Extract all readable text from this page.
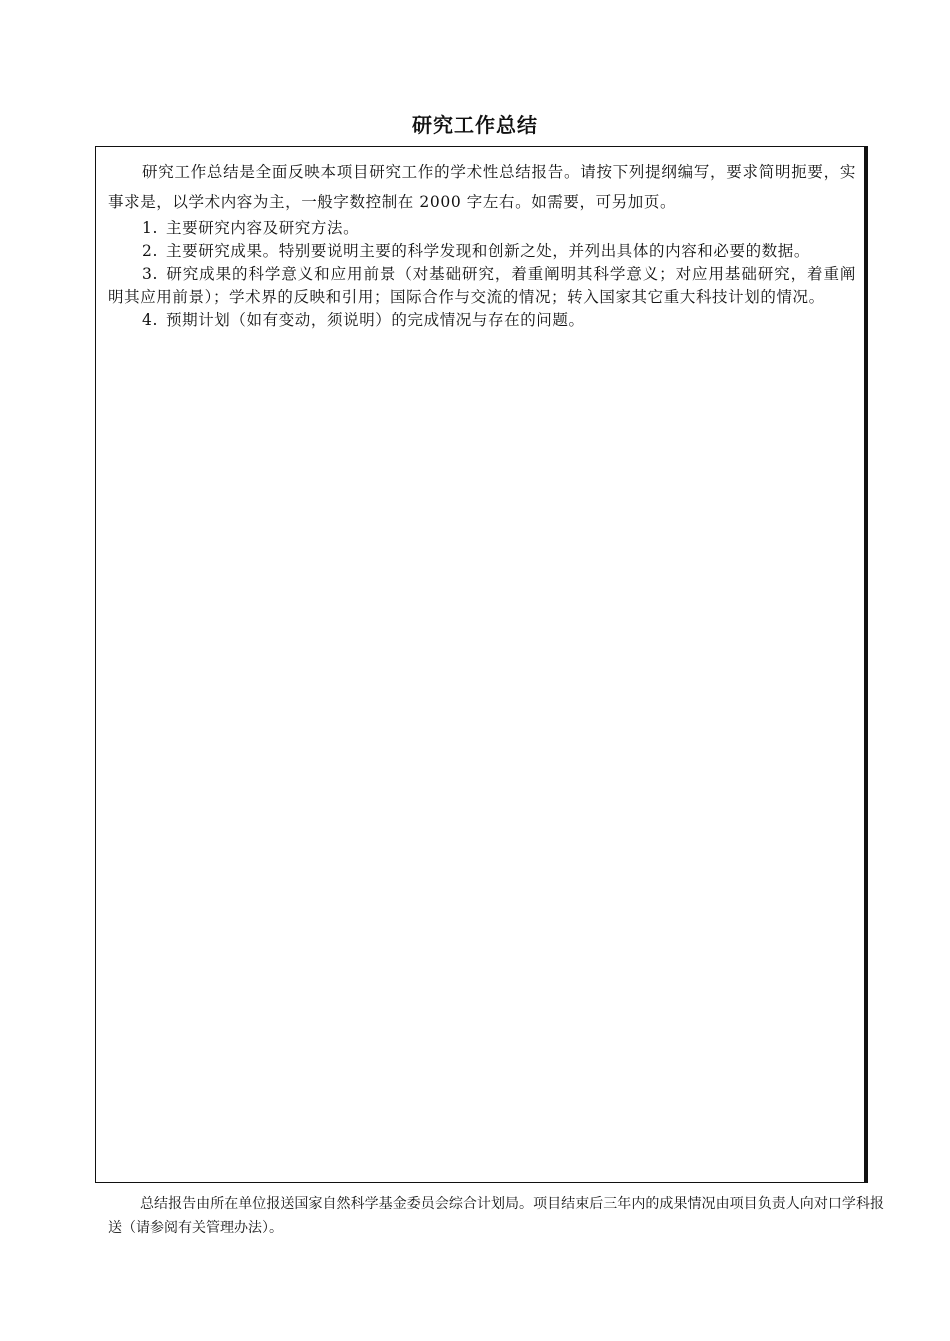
研究工作总结

研究工作总结是全面反映本项目研究工作的学术性总结报告。请按下列提纲编写，要求简明扼要，实事求是，以学术内容为主，一般字数控制在 2000 字左右。如需要，可另加页。

1. 主要研究内容及研究方法。

2. 主要研究成果。特别要说明主要的科学发现和创新之处，并列出具体的内容和必要的数据。

3. 研究成果的科学意义和应用前景（对基础研究，着重阐明其科学意义；对应用基础研究，着重阐明其应用前景）；学术界的反映和引用；国际合作与交流的情况；转入国家其它重大科技计划的情况。

4. 预期计划（如有变动，须说明）的完成情况与存在的问题。

总结报告由所在单位报送国家自然科学基金委员会综合计划局。项目结束后三年内的成果情况由项目负责人向对口学科报送（请参阅有关管理办法）。
